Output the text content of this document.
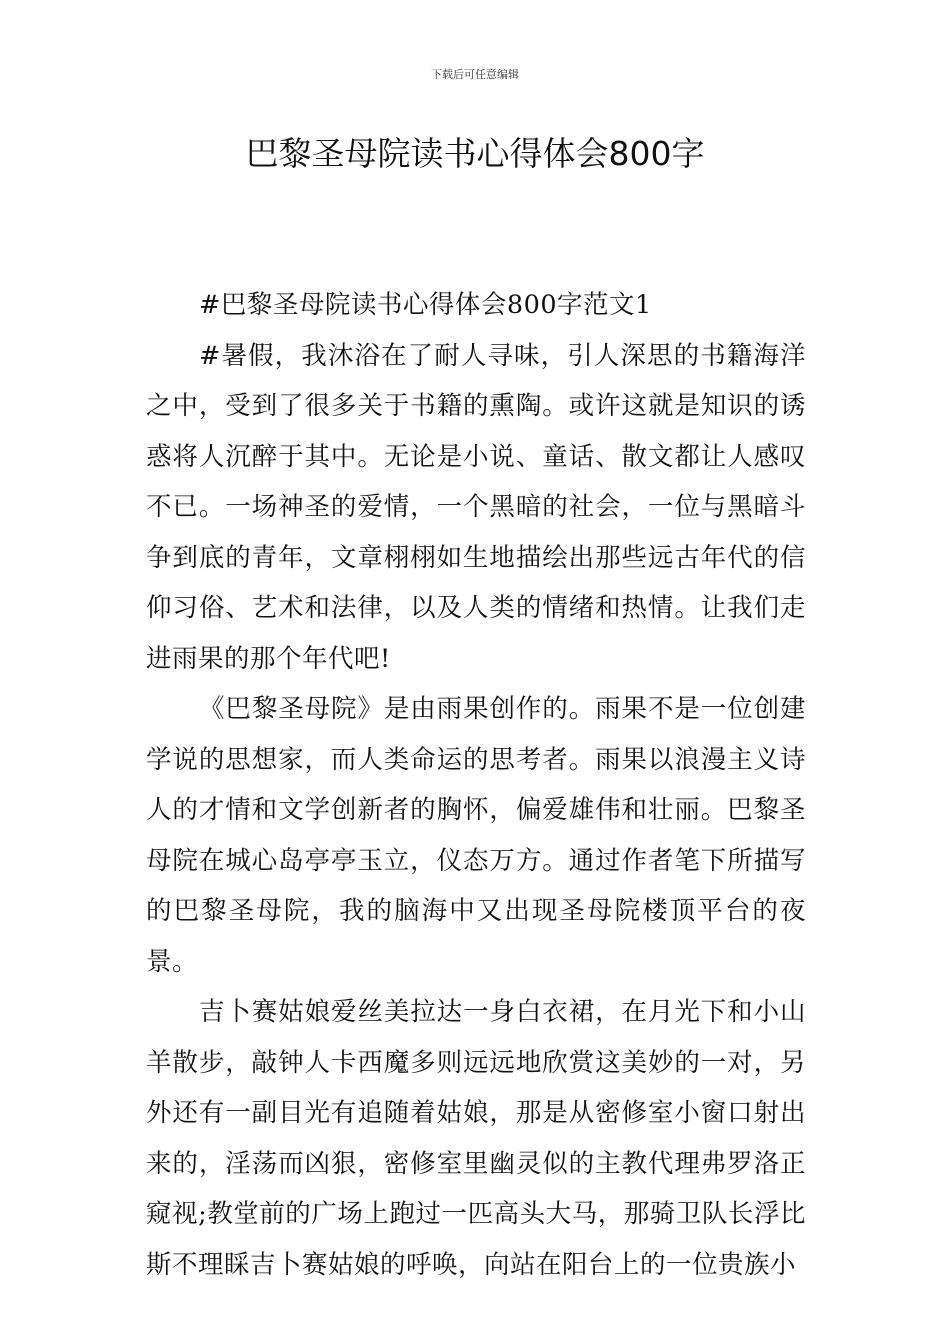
下载后可任意编辑
巴黎圣母院读书心得体会800字

#巴黎圣母院读书心得体会800字范文1

#暑假，我沐浴在了耐人寻味，引人深思的书籍海洋之中，受到了很多关于书籍的熏陶。或许这就是知识的诱惑将人沉醉于其中。无论是小说、童话、散文都让人感叹不已。一场神圣的爱情，一个黑暗的社会，一位与黑暗斗争到底的青年，文章栩栩如生地描绘出那些远古年代的信仰习俗、艺术和法律，以及人类的情绪和热情。让我们走进雨果的那个年代吧!

《巴黎圣母院》是由雨果创作的。雨果不是一位创建学说的思想家，而人类命运的思考者。雨果以浪漫主义诗人的才情和文学创新者的胸怀，偏爱雄伟和壮丽。巴黎圣母院在城心岛亭亭玉立，仪态万方。通过作者笔下所描写的巴黎圣母院，我的脑海中又出现圣母院楼顶平台的夜景。

吉卜赛姑娘爱丝美拉达一身白衣裙，在月光下和小山羊散步，敲钟人卡西魔多则远远地欣赏这美妙的一对，另外还有一副目光有追随着姑娘，那是从密修室小窗口射出来的，淫荡而凶狠，密修室里幽灵似的主教代理弗罗洛正窥视;教堂前的广场上跑过一匹高头大马，那骑卫队长浮比斯不理睬吉卜赛姑娘的呼唤，向站在阳台上的一位贵族小
